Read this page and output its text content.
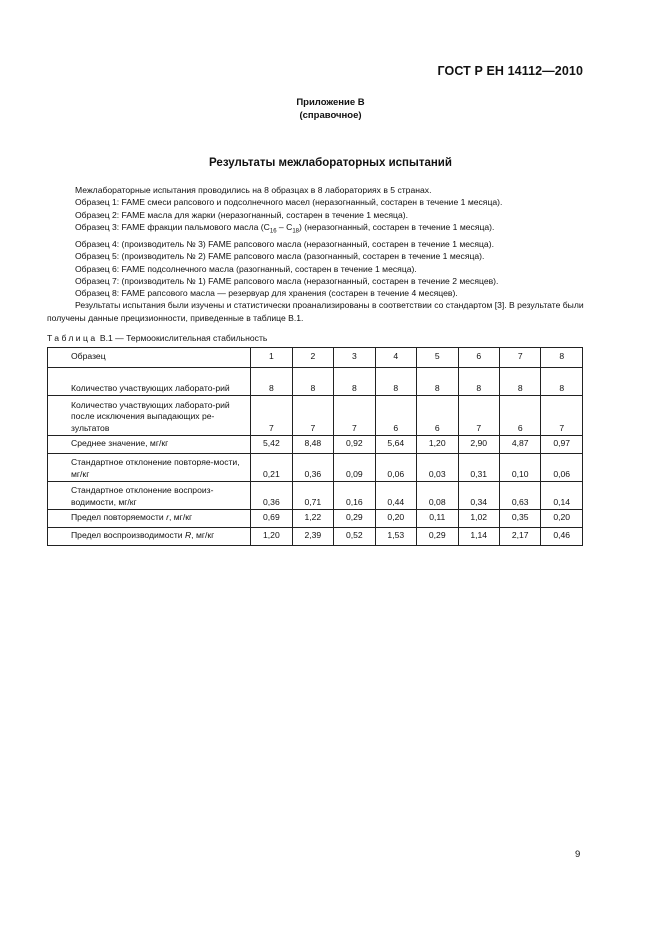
ГОСТ Р ЕН 14112—2010
Приложение В
(справочное)
Результаты межлабораторных испытаний

Межлабораторные испытания проводились на 8 образцах в 8 лабораториях в 5 странах.

Образец 1: FAME смеси рапсового и подсолнечного масел (неразогнанный, состарен в течение 1 месяца).

Образец 2: FAME масла для жарки (неразогнанный, состарен в течение 1 месяца).

Образец 3: FAME фракции пальмового масла $(С_{16} - С_{18})$ (неразогнанный, состарен в течение 1 месяца).

Образец 4: (производитель № 3) FAME рапсового масла (неразогнанный, состарен в течение 1 месяца).

Образец 5: (производитель № 2) FAME рапсового масла (разогнанный, состарен в течение 1 месяца).

Образец 6: FAME подсолнечного масла (разогнанный, состарен в течение 1 месяца).

Образец 7: (производитель № 1) FAME рапсового масла (неразогнанный, состарен в течение 2 месяцев).

Образец 8: FAME рапсового масла — резервуар для хранения (состарен в течение 4 месяцев).

Результаты испытания были изучены и статистически проанализированы в соответствии со стандартом [3]. В результате были получены данные прецизионности, приведенные в таблице В.1.

Таблица В.1 — Термоокислительная стабильность
Образец	1	2	3	4	5	6	7	8

Количество участвующих лаборато-рий	8	8	8	8	8	8	8	8

Количество участвующих лаборато-рий после исключения выпадающих ре-зультатов	7	7	7	6	6	7	6	7

Среднее значение, мг/кг	5,42	8,48	0,92	5,64	1,20	2,90	4,87	0,97

Стандартное отклонение повторяе-мости, мг/кг	0,21	0,36	0,09	0,06	0,03	0,31	0,10	0,06

Стандартное отклонение воспроиз-водимости, мг/кг	0,36	0,71	0,16	0,44	0,08	0,34	0,63	0,14

Предел повторяемости r, мг/кг	0,69	1,22	0,29	0,20	0,11	1,02	0,35	0,20

Предел воспроизводимости R, мг/кг	1,20	2,39	0,52	1,53	0,29	1,14	2,17	0,46
9
